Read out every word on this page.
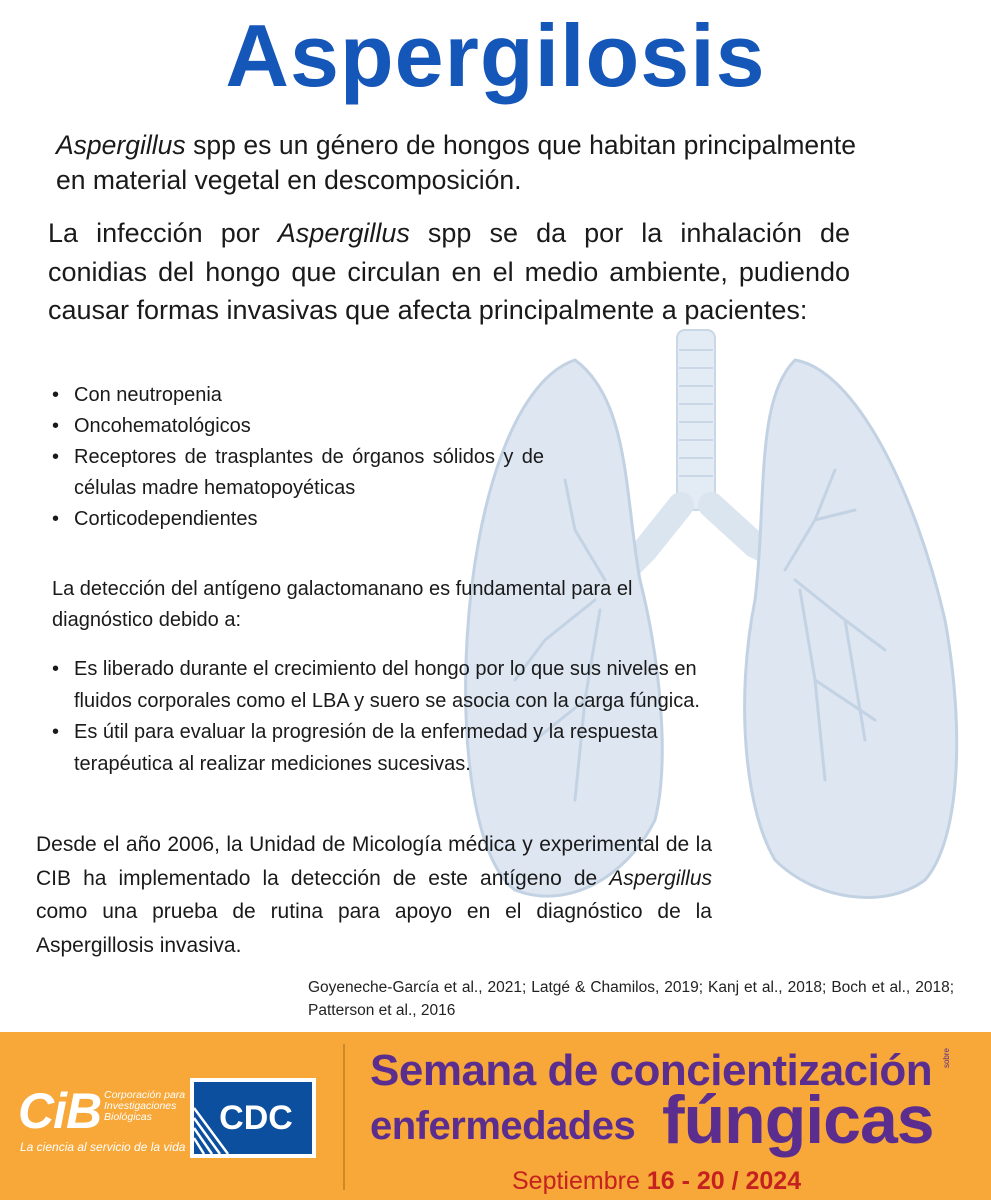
Aspergilosis
Aspergillus spp es un género de hongos que habitan principalmente en material vegetal en descomposición.
La infección por Aspergillus spp se da por la inhalación de conidias del hongo que circulan en el medio ambiente, pudiendo causar formas invasivas que afecta principalmente a pacientes:
• Con neutropenia
• Oncohematológicos
• Receptores de trasplantes de órganos sólidos y de células madre hematopoyéticas
• Corticodependientes
La detección del antígeno galactomanano es fundamental para el diagnóstico debido a:
• Es liberado durante el crecimiento del hongo por lo que sus niveles en fluidos corporales como el LBA y suero se asocia con la carga fúngica.
• Es útil para evaluar la progresión de la enfermedad y la respuesta terapéutica al realizar mediciones sucesivas.
Desde el año 2006, la Unidad de Micología médica y experimental de la CIB ha implementado la detección de este antígeno de Aspergillus como una prueba de rutina para apoyo en el diagnóstico de la Aspergillosis invasiva.
Goyeneche-García et al., 2021; Latgé & Chamilos, 2019; Kanj et al., 2018; Boch et al., 2018; Patterson et al., 2016
CiB Corporación para
Investigaciones
Biológicas
La ciencia al servicio de la vida
CDC
Semana de concientización sobre
enfermedades fúngicas
Septiembre 16 - 20 / 2024
